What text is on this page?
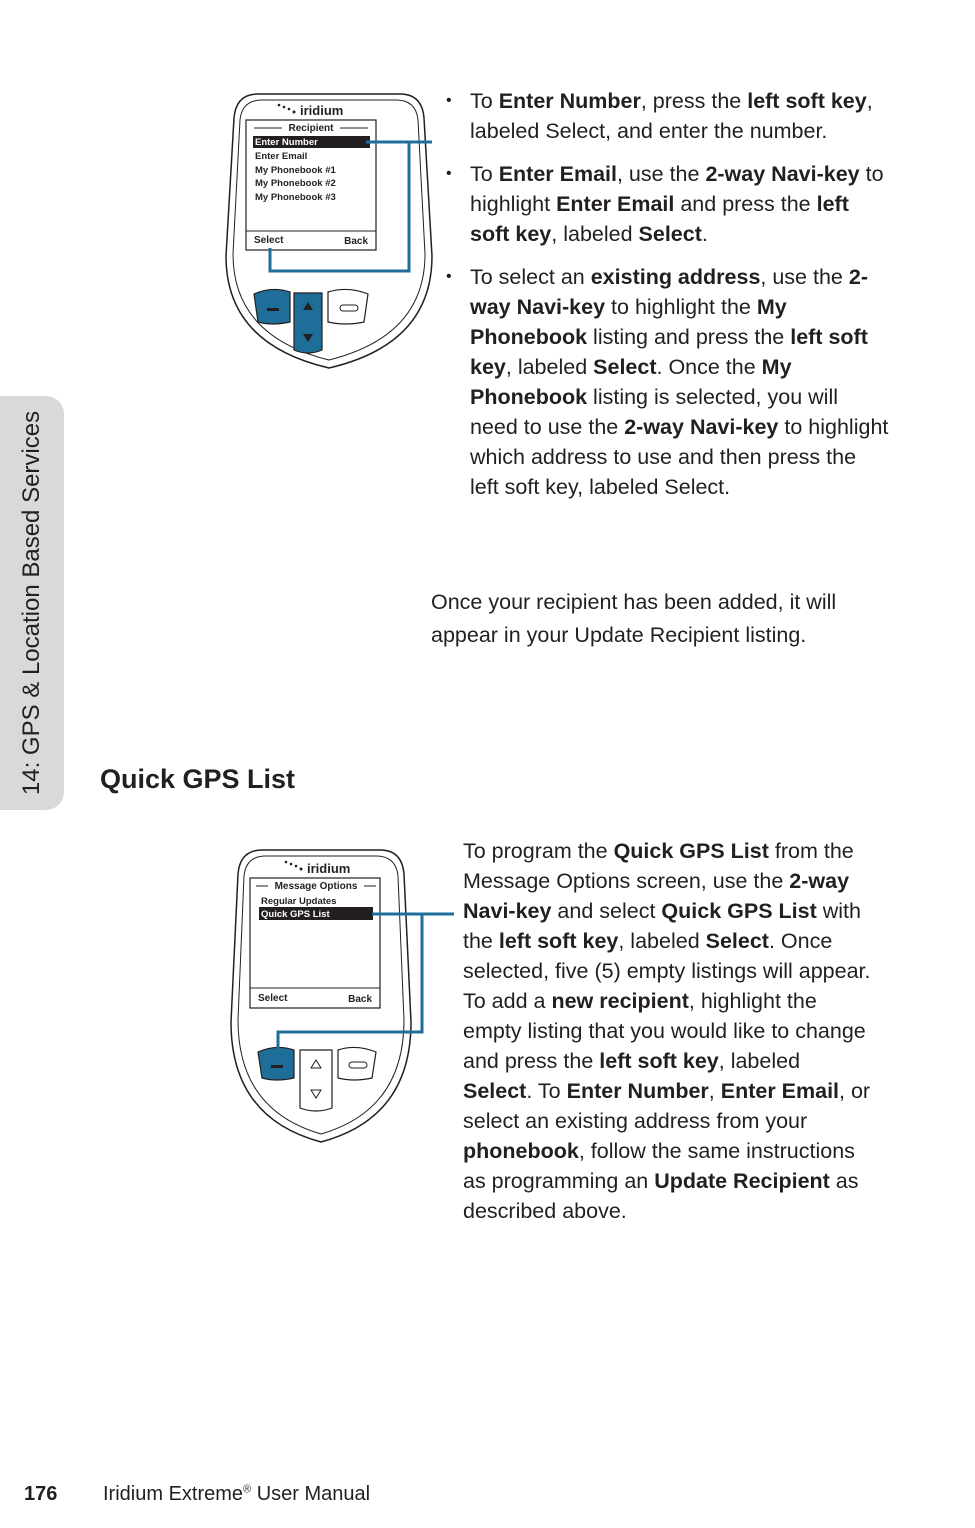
14: GPS & Location Based Services
iridium
Recipient
Enter Number
Enter Email
My Phonebook #1
My Phonebook #2
My Phonebook #3
Select	Back
• To Enter Number, press the left soft key, labeled Select, and enter the number.
• To Enter Email, use the 2-way Navi-key to highlight Enter Email and press the left soft key, labeled Select.
• To select an existing address, use the 2-way Navi-key to highlight the My Phonebook listing and press the left soft key, labeled Select. Once the My Phonebook listing is selected, you will need to use the 2-way Navi-key to highlight which address to use and then press the left soft key, labeled Select.
Once your recipient has been added, it will appear in your Update Recipient listing.
Quick GPS List
iridium
Message Options
Regular Updates
Quick GPS List
Select	Back
To program the Quick GPS List from the Message Options screen, use the 2-way Navi-key and select Quick GPS List with the left soft key, labeled Select. Once selected, five (5) empty listings will appear. To add a new recipient, highlight the empty listing that you would like to change and press the left soft key, labeled Select. To Enter Number, Enter Email, or select an existing address from your phonebook, follow the same instructions as programming an Update Recipient as described above.
176 Iridium Extreme® User Manual
